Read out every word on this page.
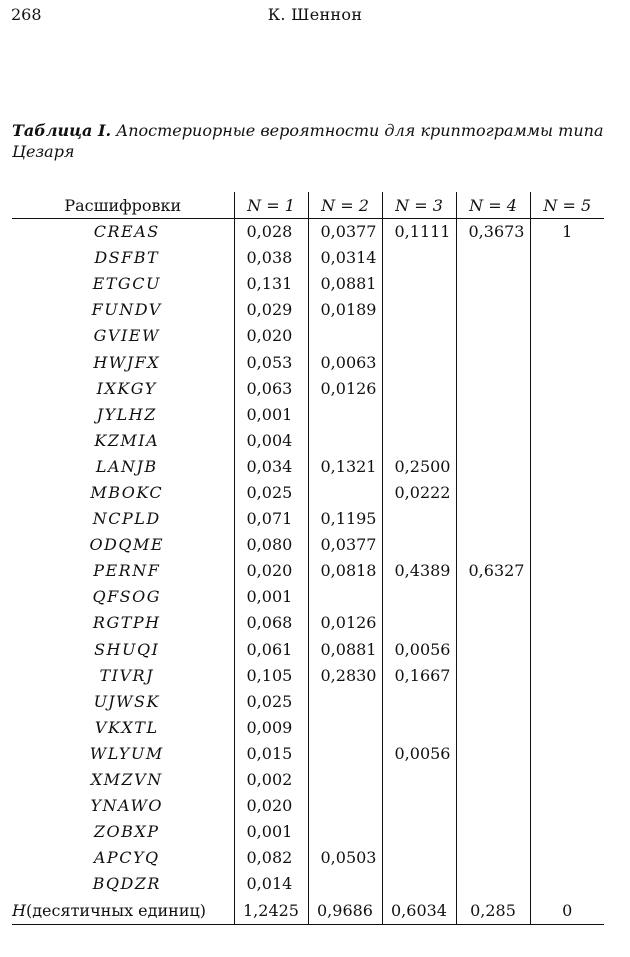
268	К. Шеннон
Таблица I. Апостериорные вероятности для криптограммы типа Цезаря
Расшифровки	N = 1	N = 2	N = 3	N = 4	N = 5
CREAS	0,028	0,0377	0,1111	0,3673	1
DSFBT	0,038	0,0314			
ETGCU	0,131	0,0881			
FUNDV	0,029	0,0189			
GVIEW	0,020				
HWJFX	0,053	0,0063			
IXKGY	0,063	0,0126			
JYLHZ	0,001				
KZMIA	0,004				
LANJB	0,034	0,1321	0,2500		
MBOKC	0,025		0,0222		
NCPLD	0,071	0,1195			
ODQME	0,080	0,0377			
PERNF	0,020	0,0818	0,4389	0,6327	
QFSOG	0,001				
RGTPH	0,068	0,0126			
SHUQI	0,061	0,0881	0,0056		
TIVRJ	0,105	0,2830	0,1667		
UJWSK	0,025				
VKXTL	0,009				
WLYUM	0,015		0,0056		
XMZVN	0,002				
YNAWO	0,020				
ZOBXP	0,001				
APCYQ	0,082	0,0503			
BQDZR	0,014				
H(десятичных единиц)	1,2425	0,9686	0,6034	0,285	0
